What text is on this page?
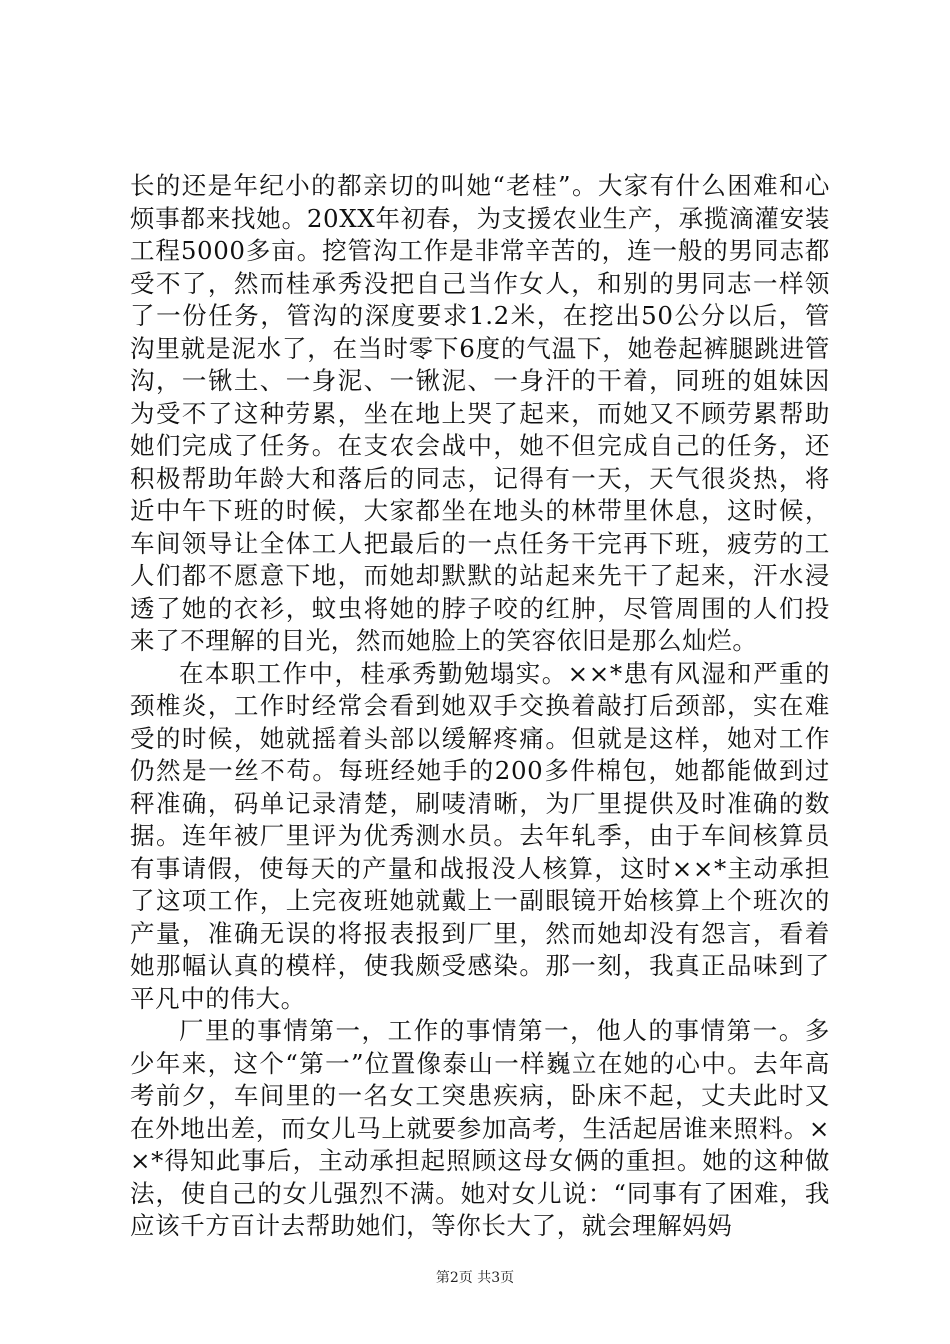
长的还是年纪小的都亲切的叫她“老桂”。大家有什么困难和心烦事都来找她。20XX年初春，为支援农业生产，承揽滴灌安装工程5000多亩。挖管沟工作是非常辛苦的，连一般的男同志都受不了，然而桂承秀没把自己当作女人，和别的男同志一样领了一份任务，管沟的深度要求1.2米，在挖出50公分以后，管沟里就是泥水了，在当时零下6度的气温下，她卷起裤腿跳进管沟，一锹土、一身泥、一锹泥、一身汗的干着，同班的姐妹因为受不了这种劳累，坐在地上哭了起来，而她又不顾劳累帮助她们完成了任务。在支农会战中，她不但完成自己的任务，还积极帮助年龄大和落后的同志，记得有一天，天气很炎热，将近中午下班的时候，大家都坐在地头的林带里休息，这时候，车间领导让全体工人把最后的一点任务干完再下班，疲劳的工人们都不愿意下地，而她却默默的站起来先干了起来，汗水浸透了她的衣衫，蚊虫将她的脖子咬的红肿，尽管周围的人们投来了不理解的目光，然而她脸上的笑容依旧是那么灿烂。

在本职工作中，桂承秀勤勉塌实。××*患有风湿和严重的颈椎炎，工作时经常会看到她双手交换着敲打后颈部，实在难受的时候，她就摇着头部以缓解疼痛。但就是这样，她对工作仍然是一丝不苟。每班经她手的200多件棉包，她都能做到过秤准确，码单记录清楚，刷唛清晰，为厂里提供及时准确的数据。连年被厂里评为优秀测水员。去年轧季，由于车间核算员有事请假，使每天的产量和战报没人核算，这时××*主动承担了这项工作，上完夜班她就戴上一副眼镜开始核算上个班次的产量，准确无误的将报表报到厂里，然而她却没有怨言，看着她那幅认真的模样，使我颇受感染。那一刻，我真正品味到了平凡中的伟大。

厂里的事情第一，工作的事情第一，他人的事情第一。多少年来，这个“第一”位置像泰山一样巍立在她的心中。去年高考前夕，车间里的一名女工突患疾病，卧床不起，丈夫此时又在外地出差，而女儿马上就要参加高考，生活起居谁来照料。××*得知此事后，主动承担起照顾这母女俩的重担。她的这种做法，使自己的女儿强烈不满。她对女儿说：“同事有了困难，我应该千方百计去帮助她们，等你长大了，就会理解妈妈

第2页 共3页
